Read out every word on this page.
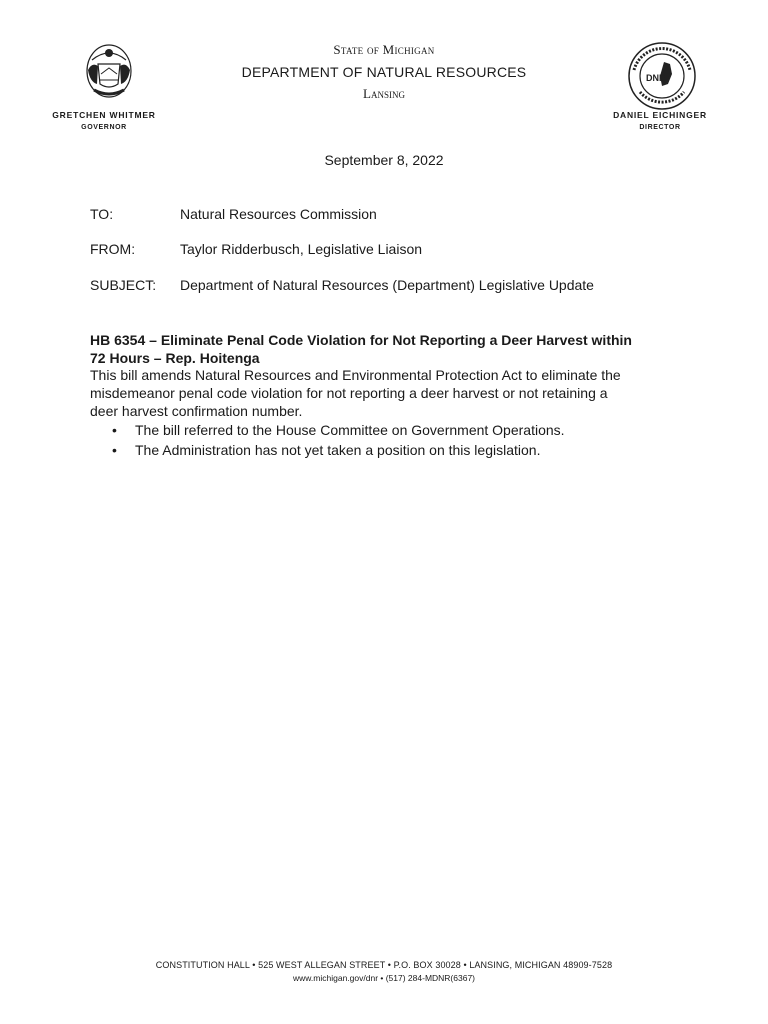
State of Michigan
DEPARTMENT OF NATURAL RESOURCES
Lansing
DNR
GRETCHEN WHITMER
GOVERNOR
DANIEL EICHINGER
DIRECTOR
September 8, 2022
TO:	Natural Resources Commission
FROM:	Taylor Ridderbusch, Legislative Liaison
SUBJECT: Department of Natural Resources (Department) Legislative Update
HB 6354 – Eliminate Penal Code Violation for Not Reporting a Deer Harvest within
72 Hours – Rep. Hoitenga
This bill amends Natural Resources and Environmental Protection Act to eliminate the
misdemeanor penal code violation for not reporting a deer harvest or not retaining a
deer harvest confirmation number.
• The bill referred to the House Committee on Government Operations.
• The Administration has not yet taken a position on this legislation.
CONSTITUTION HALL • 525 WEST ALLEGAN STREET • P.O. BOX 30028 • LANSING, MICHIGAN 48909-7528
www.michigan.gov/dnr • (517) 284-MDNR(6367)
